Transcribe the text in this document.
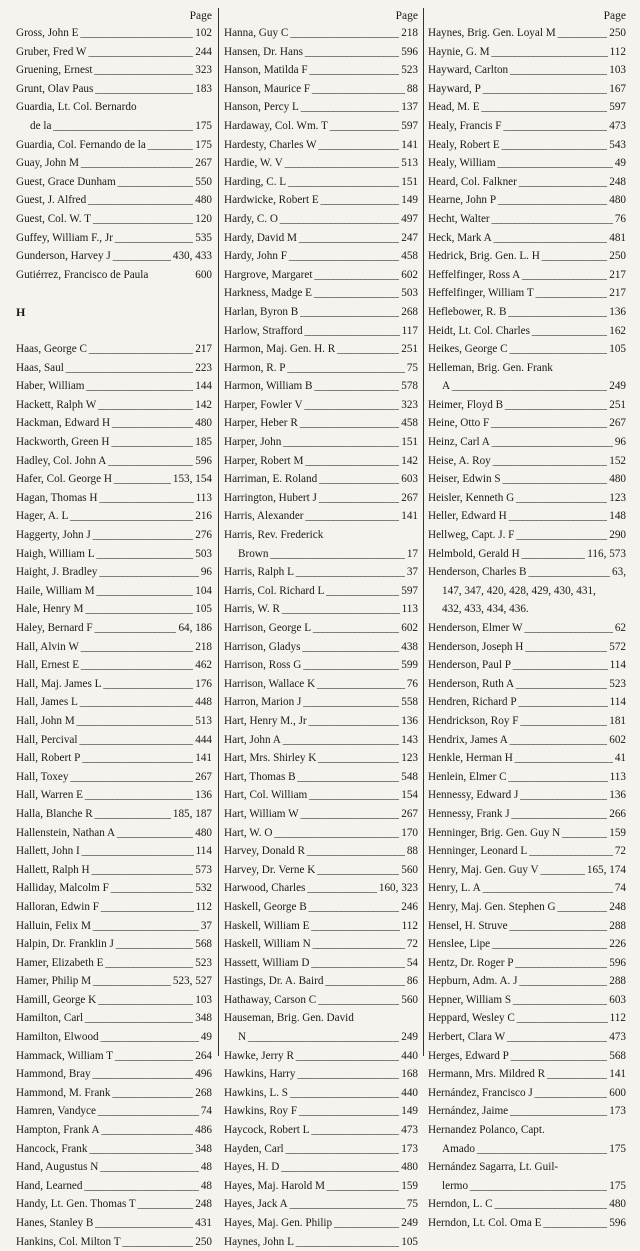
Page
Gross, John E _____	102
Gruber, Fred W _____	244
Gruening, Ernest _____	323
Grunt, Olav Paus _____	183
Guardia, Lt. Col. Bernardo
de la _____	175
Guardia, Col. Fernando de la _____	175
Guay, John M _____	267
Guest, Grace Dunham _____	550
Guest, J. Alfred _____	480
Guest, Col. W. T _____	120
Guffey, William F., Jr _____	535
Gunderson, Harvey J _____	430, 433
Gutiérrez, Francisco de Paula	600
H
Haas, George C _____	217
Haas, Saul _____	223
Haber, William _____	144
Hackett, Ralph W _____	142
Hackman, Edward H _____	480
Hackworth, Green H _____	185
Hadley, Col. John A _____	596
Hafer, Col. George H _____	153, 154
Hagan, Thomas H _____	113
Hager, A. L _____	216
Haggerty, John J _____	276
Haigh, William L _____	503
Haight, J. Bradley _____	96
Haile, William M _____	104
Hale, Henry M _____	105
Haley, Bernard F _____	64, 186
Hall, Alvin W _____	218
Hall, Ernest E _____	462
Hall, Maj. James L _____	176
Hall, James L _____	448
Hall, John M _____	513
Hall, Percival _____	444
Hall, Robert P _____	141
Hall, Toxey _____	267
Hall, Warren E _____	136
Halla, Blanche R _____	185, 187
Hallenstein, Nathan A _____	480
Hallett, John I _____	114
Hallett, Ralph H _____	573
Halliday, Malcolm F _____	532
Halloran, Edwin F _____	112
Halluin, Felix M _____	37
Halpin, Dr. Franklin J _____	568
Hamer, Elizabeth E _____	523
Hamer, Philip M _____	523, 527
Hamill, George K _____	103
Hamilton, Carl _____	348
Hamilton, Elwood _____	49
Hammack, William T _____	264
Hammond, Bray _____	496
Hammond, M. Frank _____	268
Hamren, Vandyce _____	74
Hampton, Frank A _____	486
Hancock, Frank _____	348
Hand, Augustus N _____	48
Hand, Learned _____	48
Handy, Lt. Gen. Thomas T _____	248
Hanes, Stanley B _____	431
Hankins, Col. Milton T _____	250
Page
Hanna, Guy C _____	218
Hansen, Dr. Hans _____	596
Hanson, Matilda F _____	523
Hanson, Maurice F _____	88
Hanson, Percy L _____	137
Hardaway, Col. Wm. T _____	597
Hardesty, Charles W _____	141
Hardie, W. V _____	513
Harding, C. L _____	151
Hardwicke, Robert E _____	149
Hardy, C. O _____	497
Hardy, David M _____	247
Hardy, John F _____	458
Hargrove, Margaret _____	602
Harkness, Madge E _____	503
Harlan, Byron B _____	268
Harlow, Strafford _____	117
Harmon, Maj. Gen. H. R _____	251
Harmon, R. P _____	75
Harmon, William B _____	578
Harper, Fowler V _____	323
Harper, Heber R _____	458
Harper, John _____	151
Harper, Robert M _____	142
Harriman, E. Roland _____	603
Harrington, Hubert J _____	267
Harris, Alexander _____	141
Harris, Rev. Frederick
Brown _____	17
Harris, Ralph L _____	37
Harris, Col. Richard L _____	597
Harris, W. R _____	113
Harrison, George L _____	602
Harrison, Gladys _____	438
Harrison, Ross G _____	599
Harrison, Wallace K _____	76
Harron, Marion J _____	558
Hart, Henry M., Jr _____	136
Hart, John A _____	143
Hart, Mrs. Shirley K _____	123
Hart, Thomas B _____	548
Hart, Col. William _____	154
Hart, William W _____	267
Hart, W. O _____	170
Harvey, Donald R _____	88
Harvey, Dr. Verne K _____	560
Harwood, Charles _____	160, 323
Haskell, George B _____	246
Haskell, William E _____	112
Haskell, William N _____	72
Hassett, William D _____	54
Hastings, Dr. A. Baird _____	86
Hathaway, Carson C _____	560
Hauseman, Brig. Gen. David
N _____	249
Hawke, Jerry R _____	440
Hawkins, Harry _____	168
Hawkins, L. S _____	440
Hawkins, Roy F _____	149
Haycock, Robert L _____	473
Hayden, Carl _____	173
Hayes, H. D _____	480
Hayes, Maj. Harold M _____	159
Hayes, Jack A _____	75
Hayes, Maj. Gen. Philip _____	249
Haynes, John L _____	105
Page
Haynes, Brig. Gen. Loyal M _____	250
Haynie, G. M _____	112
Hayward, Carlton _____	103
Hayward, P _____	167
Head, M. E _____	597
Healy, Francis F _____	473
Healy, Robert E _____	543
Healy, William _____	49
Heard, Col. Falkner _____	248
Hearne, John P _____	480
Hecht, Walter _____	76
Heck, Mark A _____	481
Hedrick, Brig. Gen. L. H _____	250
Heffelfinger, Ross A _____	217
Heffelfinger, William T _____	217
Heflebower, R. B _____	136
Heidt, Lt. Col. Charles _____	162
Heikes, George C _____	105
Helleman, Brig. Gen. Frank
A _____	249
Heimer, Floyd B _____	251
Heine, Otto F _____	267
Heinz, Carl A _____	96
Heise, A. Roy _____	152
Heiser, Edwin S _____	480
Heisler, Kenneth G _____	123
Heller, Edward H _____	148
Hellweg, Capt. J. F _____	290
Helmbold, Gerald H _____	116, 573
Henderson, Charles B _____	63,
147, 347, 420, 428, 429, 430, 431,
432, 433, 434, 436.
Henderson, Elmer W _____	62
Henderson, Joseph H _____	572
Henderson, Paul P _____	114
Henderson, Ruth A _____	523
Hendren, Richard P _____	114
Hendrickson, Roy F _____	181
Hendrix, James A _____	602
Henkle, Herman H _____	41
Henlein, Elmer C _____	113
Hennessy, Edward J _____	136
Hennessy, Frank J _____	266
Henninger, Brig. Gen. Guy N _____	159
Henninger, Leonard L _____	72
Henry, Maj. Gen. Guy V _____	165, 174
Henry, L. A _____	74
Henry, Maj. Gen. Stephen G _____	248
Hensel, H. Struve _____	288
Henslee, Lipe _____	226
Hentz, Dr. Roger P _____	596
Hepburn, Adm. A. J _____	288
Hepner, William S _____	603
Heppard, Wesley C _____	112
Herbert, Clara W _____	473
Herges, Edward P _____	568
Hermann, Mrs. Mildred R _____	141
Hernández, Francisco J _____	600
Hernández, Jaime _____	173
Hernandez Polanco, Capt.
Amado _____	175
Hernández Sagarra, Lt. Guil-
lermo _____	175
Herndon, L. C _____	480
Herndon, Lt. Col. Oma E _____	596
